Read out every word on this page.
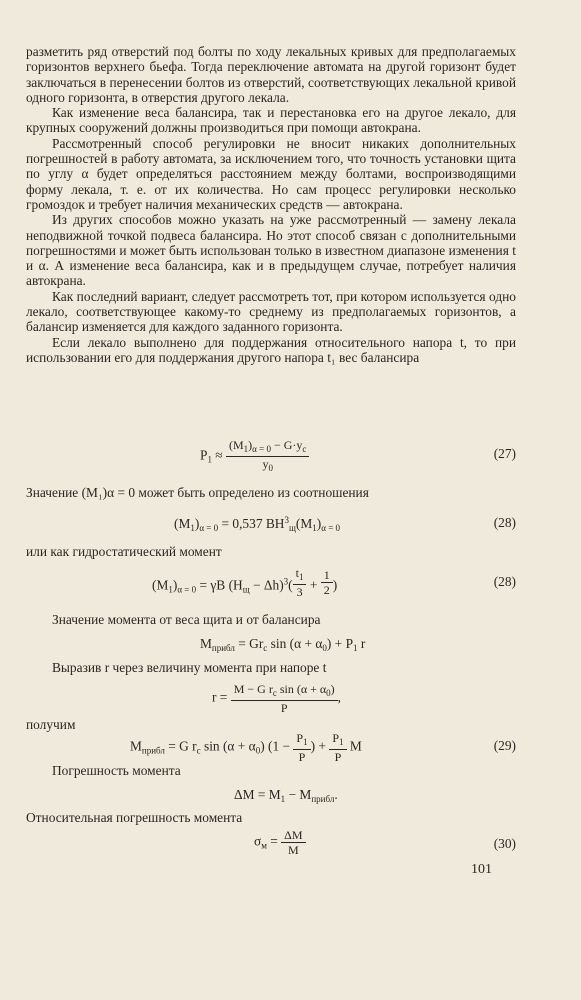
разметить ряд отверстий под болты по ходу лекальных кривых для предполагаемых горизонтов верхнего бьефа. Тогда переключение автомата на другой горизонт будет заключаться в перенесении болтов из отверстий, соответствующих лекальной кривой одного горизонта, в отверстия другого лекала.

Как изменение веса балансира, так и перестановка его на другое лекало, для крупных сооружений должны производиться при помощи автокрана.

Рассмотренный способ регулировки не вносит никаких дополнительных погрешностей в работу автомата, за исключением того, что точность установки щита по углу α будет определяться расстоянием между болтами, воспроизводящими форму лекала, т. е. от их количества. Но сам процесс регулировки несколько громоздок и требует наличия механических средств — автокрана.

Из других способов можно указать на уже рассмотренный — замену лекала неподвижной точкой подвеса балансира. Но этот способ связан с дополнительными погрешностями и может быть использован только в известном диапазоне изменения t и α. А изменение веса балансира, как и в предыдущем случае, потребует наличия автокрана.

Как последний вариант, следует рассмотреть тот, при котором используется одно лекало, соответствующее какому-то среднему из предполагаемых горизонтов, а балансир изменяется для каждого заданного горизонта.

Если лекало выполнено для поддержания относительного напора t, то при использовании его для поддержания другого напора t₁ вес балансира

$P_1 \approx \frac{(M_1)_{\alpha = 0} - G\cdot y_c}{y_0}$	(27)
Значение (M₁)α = 0 может быть определено из соотношения
$(M_1)_{\alpha = 0} = 0,537$ $BH^3_щ(M_1)_{\alpha = 0}$	(28)
или как гидростатический момент
$(M_1)_{\alpha = 0} = \gamma B$ $(H_щ - \Delta h)^3( \frac{t_1}{3} + \frac{1}{2}$ )	(28)
Значение момента от веса щита и от балансира
$M_{прибл} = Gr_c$ $\sin (\alpha + \alpha_0) + P_1$ r
Выразив r через величину момента при напоре t
$r = \frac{M - G r_c \sin (\alpha + \alpha_0)}{P}$ ,
получим
$M_{прибл} = G$ $r_c$ $\sin (\alpha + \alpha_0)$ ($1 - \frac{P_1}{P}$ ) + $\frac{P_1}{P}$ M	(29)
Погрешность момента
$\Delta M = M_1 - M_{прибл}$.
Относительная погрешность момента
$\sigma_м = \frac{\Delta M}{M}$	(30)
101
